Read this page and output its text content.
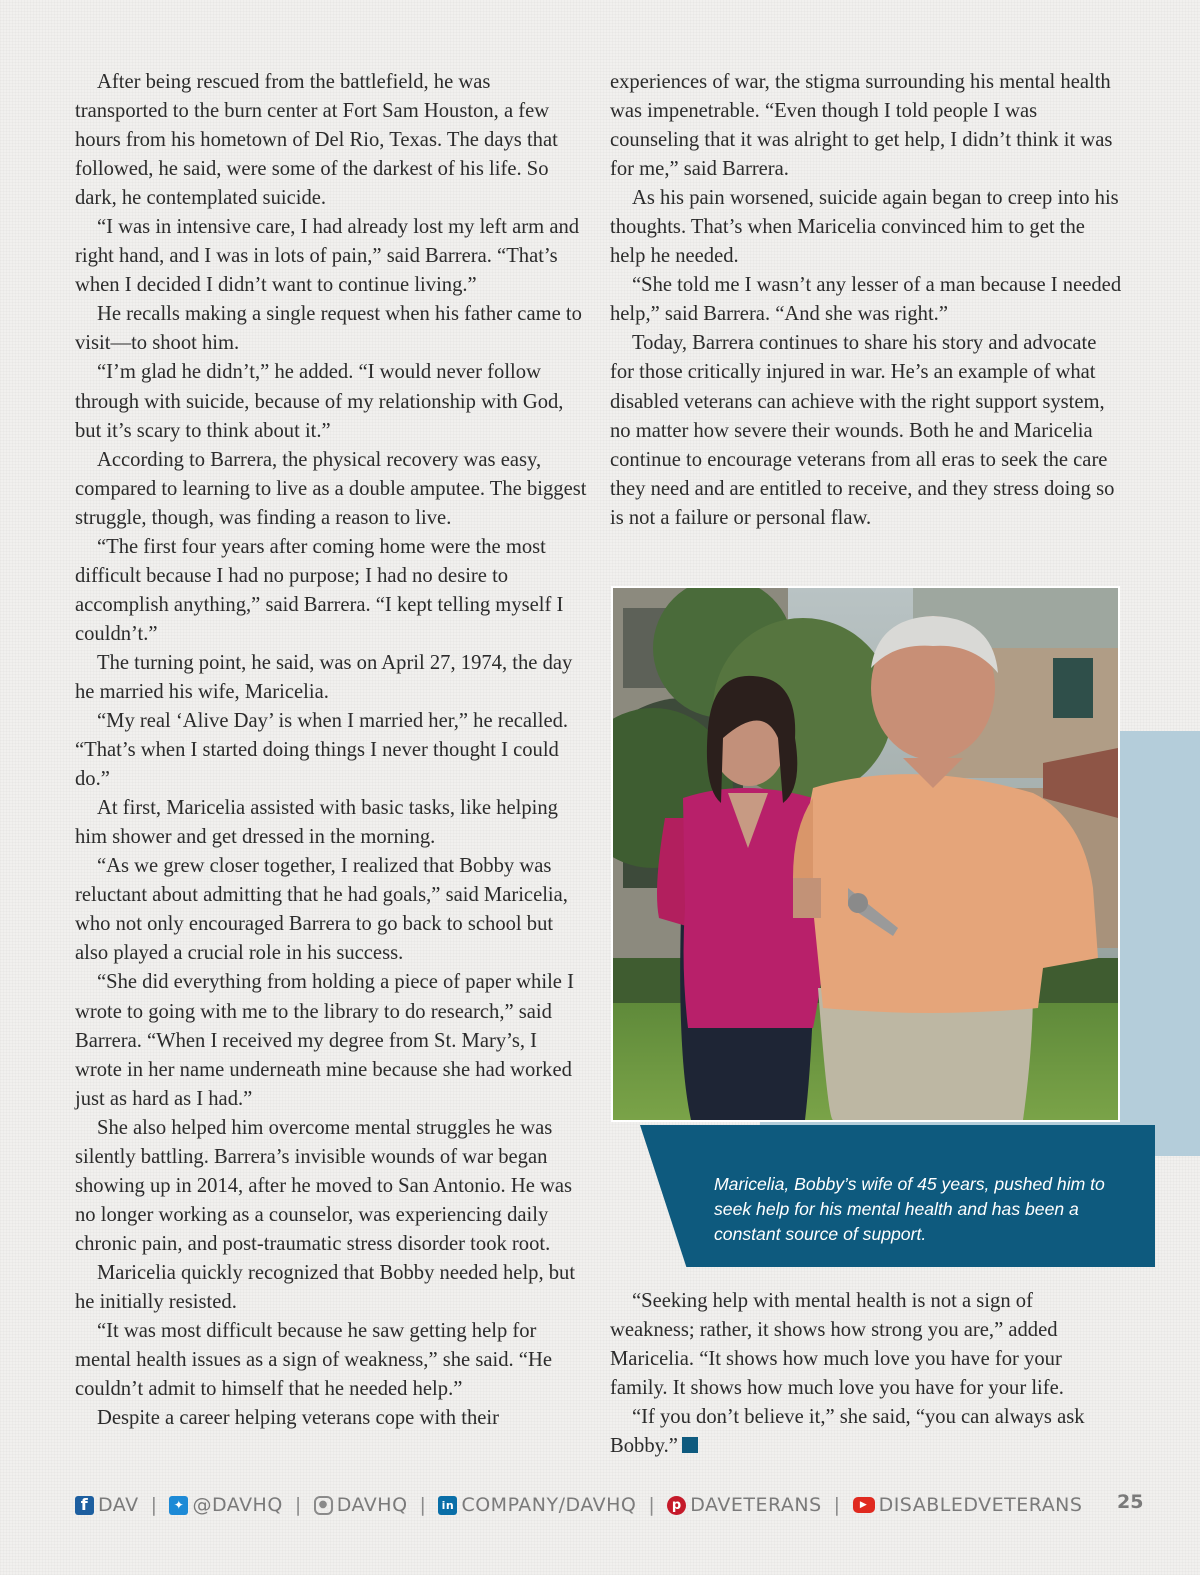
After being rescued from the battlefield, he was transported to the burn center at Fort Sam Houston, a few hours from his hometown of Del Rio, Texas. The days that followed, he said, were some of the darkest of his life. So dark, he contemplated suicide.

“I was in intensive care, I had already lost my left arm and right hand, and I was in lots of pain,” said Barrera. “That’s when I decided I didn’t want to continue living.”

He recalls making a single request when his father came to visit—to shoot him.

“I’m glad he didn’t,” he added. “I would never follow through with suicide, because of my relationship with God, but it’s scary to think about it.”

According to Barrera, the physical recovery was easy, compared to learning to live as a double amputee. The biggest struggle, though, was finding a reason to live.

“The first four years after coming home were the most difficult because I had no purpose; I had no desire to accomplish anything,” said Barrera. “I kept telling myself I couldn’t.”

The turning point, he said, was on April 27, 1974, the day he married his wife, Maricelia.

“My real ‘Alive Day’ is when I married her,” he recalled. “That’s when I started doing things I never thought I could do.”

At first, Maricelia assisted with basic tasks, like helping him shower and get dressed in the morning.

“As we grew closer together, I realized that Bobby was reluctant about admitting that he had goals,” said Maricelia, who not only encouraged Barrera to go back to school but also played a crucial role in his success.

“She did everything from holding a piece of paper while I wrote to going with me to the library to do research,” said Barrera. “When I received my degree from St. Mary’s, I wrote in her name underneath mine because she had worked just as hard as I had.”

She also helped him overcome mental struggles he was silently battling. Barrera’s invisible wounds of war began showing up in 2014, after he moved to San Antonio. He was no longer working as a counselor, was experiencing daily chronic pain, and post-traumatic stress disorder took root.

Maricelia quickly recognized that Bobby needed help, but he initially resisted.

“It was most difficult because he saw getting help for mental health issues as a sign of weakness,” she said. “He couldn’t admit to himself that he needed help.”

Despite a career helping veterans cope with their

experiences of war, the stigma surrounding his mental health was impenetrable. “Even though I told people I was counseling that it was alright to get help, I didn’t think it was for me,” said Barrera.

As his pain worsened, suicide again began to creep into his thoughts. That’s when Maricelia convinced him to get the help he needed.

“She told me I wasn’t any lesser of a man because I needed help,” said Barrera. “And she was right.”

Today, Barrera continues to share his story and advocate for those critically injured in war. He’s an example of what disabled veterans can achieve with the right support system, no matter how severe their wounds. Both he and Maricelia continue to encourage veterans from all eras to seek the care they need and are entitled to receive, and they stress doing so is not a failure or personal flaw.

Maricelia, Bobby’s wife of 45 years, pushed him to seek help for his mental health and has been a constant source of support.

“Seeking help with mental health is not a sign of weakness; rather, it shows how strong you are,” added Maricelia. “It shows how much love you have for your family. It shows how much love you have for your life.

“If you don’t believe it,” she said, “you can always ask Bobby.”

f DAV |	✦ @DAVHQ |	● DAVHQ | in COMPANY/DAVHQ |	p DAVETERANS |	▶ DISABLEDVETERANS 25
